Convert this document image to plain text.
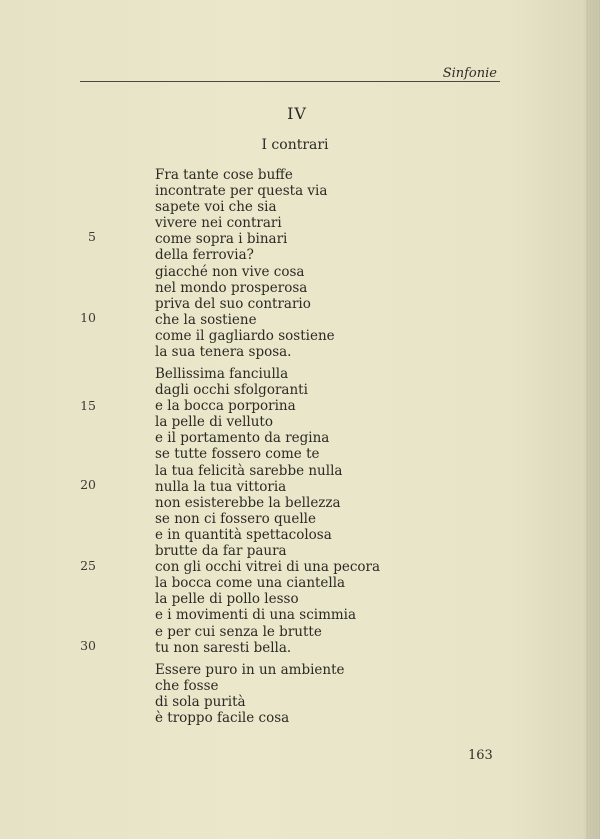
Sinfonie
IV
I contrari
Fra tante cose buffe
incontrate per questa via
sapete voi che sia
vivere nei contrari
come sopra i binari
della ferrovia?
giacché non vive cosa
nel mondo prosperosa
priva del suo contrario
che la sostiene
come il gagliardo sostiene
la sua tenera sposa.
Bellissima fanciulla
dagli occhi sfolgoranti
e la bocca porporina
la pelle di velluto
e il portamento da regina
se tutte fossero come te
la tua felicità sarebbe nulla
nulla la tua vittoria
non esisterebbe la bellezza
se non ci fossero quelle
e in quantità spettacolosa
brutte da far paura
con gli occhi vitrei di una pecora
la bocca come una ciantella
la pelle di pollo lesso
e i movimenti di una scimmia
e per cui senza le brutte
tu non saresti bella.
Essere puro in un ambiente
che fosse
di sola purità
è troppo facile cosa
5
10
15
20
25
30
163
